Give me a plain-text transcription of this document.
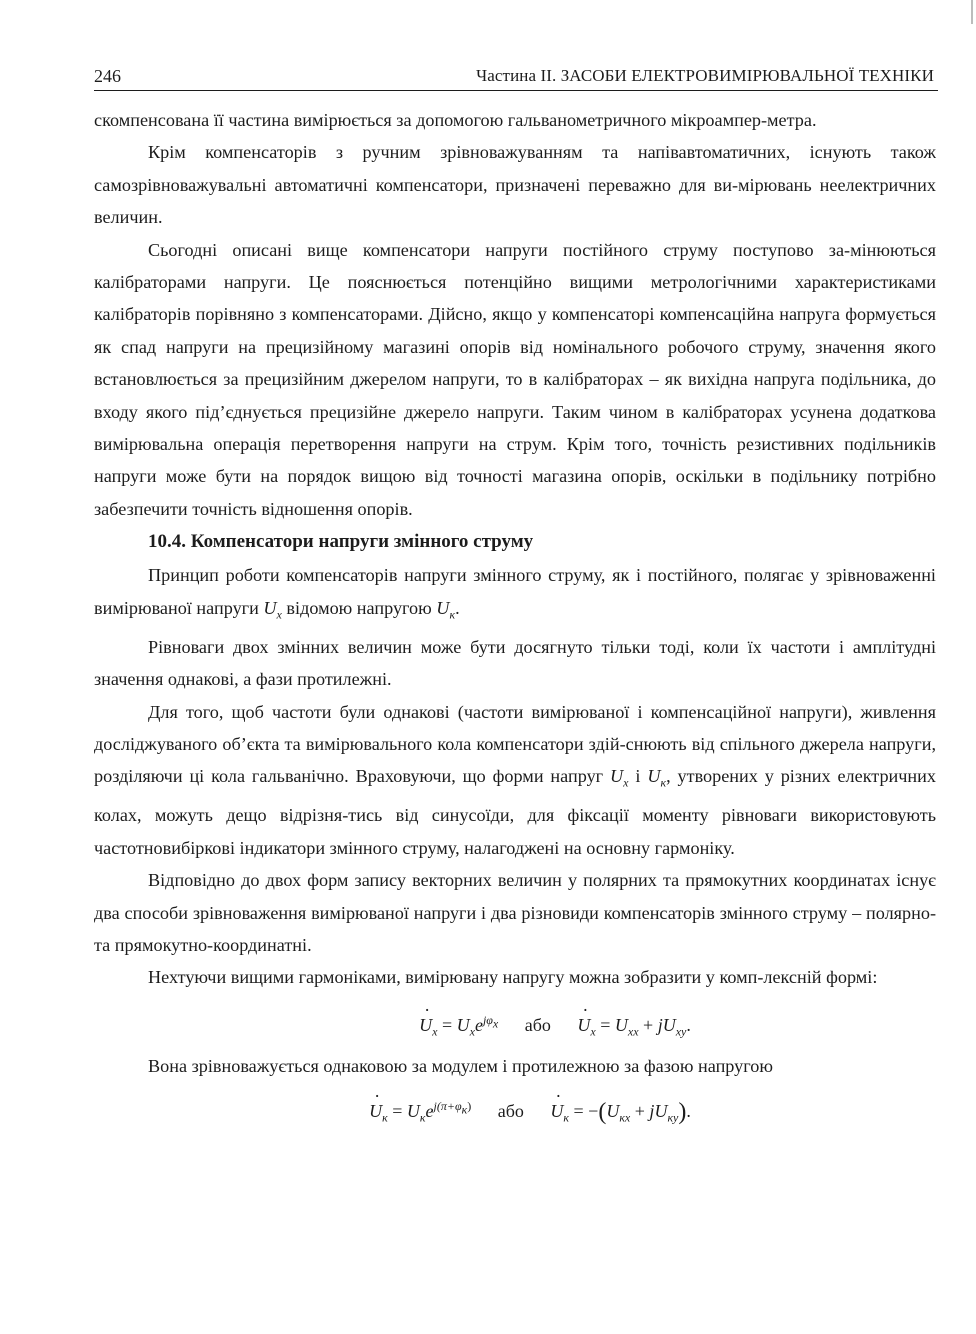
246	Частина II. ЗАСОБИ ЕЛЕКТРОВИМІРЮВАЛЬНОЇ ТЕХНІКИ

скомпенсована її частина вимірюється за допомогою гальванометричного мікроампер-метра.

Крім компенсаторів з ручним зрівноважуванням та напівавтоматичних, існують також самозрівноважувальні автоматичні компенсатори, призначені переважно для ви-мірювань неелектричних величин.

Сьогодні описані вище компенсатори напруги постійного струму поступово за-мінюються калібраторами напруги. Це пояснюється потенційно вищими метрологічними характеристиками калібраторів порівняно з компенсаторами. Дійсно, якщо у компенсаторі компенсаційна напруга формується як спад напруги на прецизійному магазині опорів від номінального робочого струму, значення якого встановлюється за прецизійним джерелом напруги, то в калібраторах – як вихідна напруга подільника, до входу якого під’єднується прецизійне джерело напруги. Таким чином в калібраторах усунена додаткова вимірювальна операція перетворення напруги на струм. Крім того, точність резистивних подільників напруги може бути на порядок вищою від точності магазина опорів, оскільки в подільнику потрібно забезпечити точність відношення опорів.

10.4. Компенсатори напруги змінного струму

Принцип роботи компенсаторів напруги змінного струму, як і постійного, полягає у зрівноваженні вимірюваної напруги $U_x$ відомою напругою $U_к$.

Рівноваги двох змінних величин може бути досягнуто тільки тоді, коли їх частоти і амплітудні значення однакові, а фази протилежні.

Для того, щоб частоти були однакові (частоти вимірюваної і компенсаційної напруги), живлення досліджуваного об’єкта та вимірювального кола компенсатори здій-снюють від спільного джерела напруги, розділяючи ці кола гальванічно. Враховуючи, що форми напруг $U_x$ і $U_к$, утворених у різних електричних колах, можуть дещо відрізня-тись від синусоїди, для фіксації моменту рівноваги використовують частотновибіркові індикатори змінного струму, налагоджені на основну гармоніку.

Відповідно до двох форм запису векторних величин у полярних та прямокутних координатах існує два способи зрівноваження вимірюваної напруги і два різновиди компенсаторів змінного струму – полярно- та прямокутно-координатні.

Нехтуючи вищими гармоніками, вимірювану напругу можна зобразити у комп-лексній формі:

· $U_x = U_xe^{j\varphi_x}$ або · $U_x = U_{xx} + jU_{xy}$.

Вона зрівноважується однаковою за модулем і протилежною за фазою напругою

· $U_к = U_кe^{j(\pi+\varphi_к)}$ або · $U_к = -(U_{кx} + jU_{кy})$.
